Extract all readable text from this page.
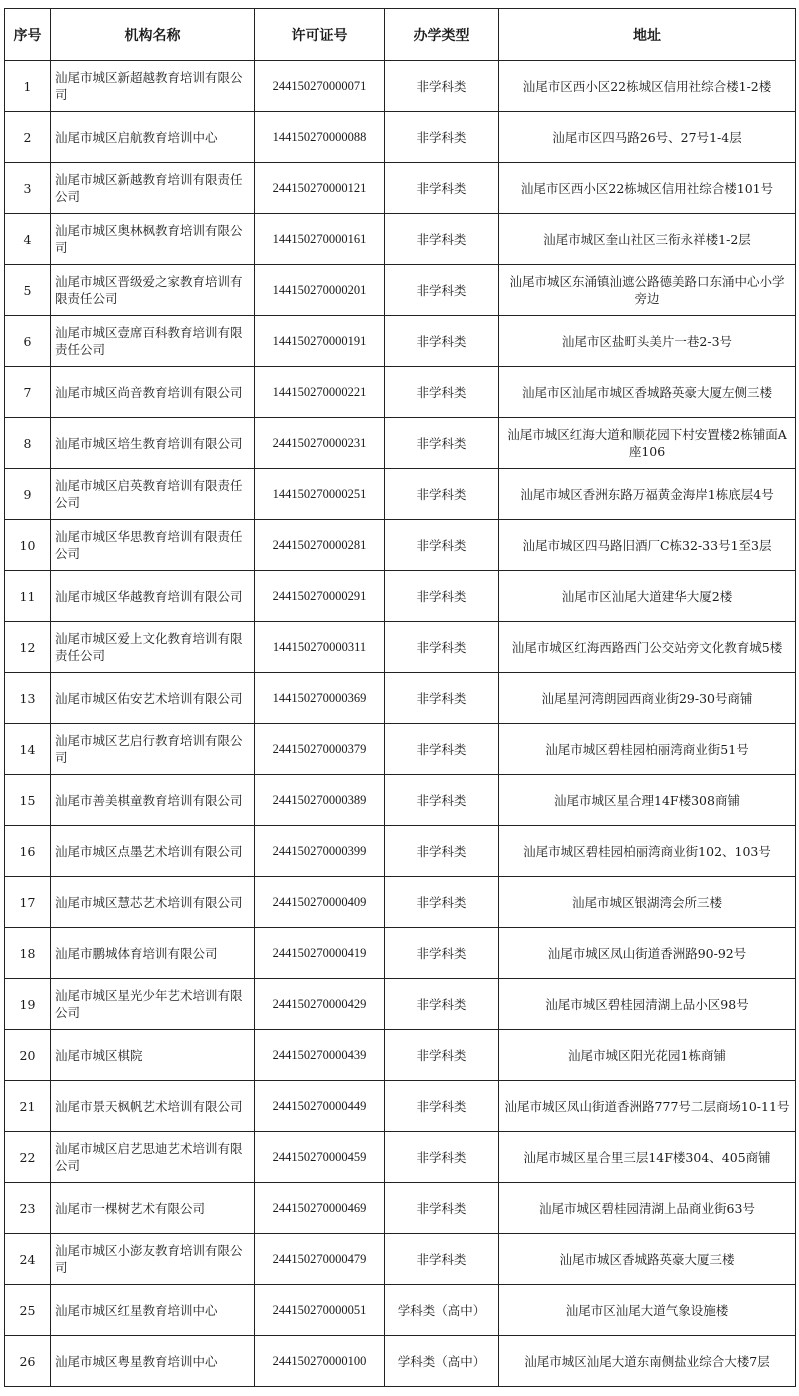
序号	机构名称	许可证号	办学类型	地址
1	汕尾市城区新超越教育培训有限公司	244150270000071	非学科类	汕尾市区西小区22栋城区信用社综合楼1-2楼
2	汕尾市城区启航教育培训中心	144150270000088	非学科类	汕尾市区四马路26号、27号1-4层
3	汕尾市城区新越教育培训有限责任公司	244150270000121	非学科类	汕尾市区西小区22栋城区信用社综合楼101号
4	汕尾市城区奥林枫教育培训有限公司	144150270000161	非学科类	汕尾市城区奎山社区三衔永祥楼1-2层
5	汕尾市城区晋级爱之家教育培训有限责任公司	144150270000201	非学科类	汕尾市城区东涌镇汕遮公路德美路口东涌中心小学旁边
6	汕尾市城区壹席百科教育培训有限责任公司	144150270000191	非学科类	汕尾市区盐町头美片一巷2-3号
7	汕尾市城区尚音教育培训有限公司	144150270000221	非学科类	汕尾市区汕尾市城区香城路英豪大厦左侧三楼
8	汕尾市城区培生教育培训有限公司	244150270000231	非学科类	汕尾市城区红海大道和顺花园下村安置楼2栋铺面A座106
9	汕尾市城区启英教育培训有限责任公司	144150270000251	非学科类	汕尾市城区香洲东路万福黄金海岸1栋底层4号
10	汕尾市城区华思教育培训有限责任公司	244150270000281	非学科类	汕尾市城区四马路旧酒厂C栋32-33号1至3层
11	汕尾市城区华越教育培训有限公司	244150270000291	非学科类	汕尾市区汕尾大道建华大厦2楼
12	汕尾市城区爱上文化教育培训有限责任公司	144150270000311	非学科类	汕尾市城区红海西路西门公交站旁文化教育城5楼
13	汕尾市城区佑安艺术培训有限公司	144150270000369	非学科类	汕尾星河湾朗园西商业街29-30号商铺
14	汕尾市城区艺启行教育培训有限公司	244150270000379	非学科类	汕尾市城区碧桂园柏丽湾商业街51号
15	汕尾市善美棋童教育培训有限公司	244150270000389	非学科类	汕尾市城区星合理14F楼308商铺
16	汕尾市城区点墨艺术培训有限公司	244150270000399	非学科类	汕尾市城区碧桂园柏丽湾商业街102、103号
17	汕尾市城区慧芯艺术培训有限公司	244150270000409	非学科类	汕尾市城区银湖湾会所三楼
18	汕尾市鹏城体育培训有限公司	244150270000419	非学科类	汕尾市城区凤山街道香洲路90-92号
19	汕尾市城区星光少年艺术培训有限公司	244150270000429	非学科类	汕尾市城区碧桂园清湖上品小区98号
20	汕尾市城区棋院	244150270000439	非学科类	汕尾市城区阳光花园1栋商铺
21	汕尾市景天枫帆艺术培训有限公司	244150270000449	非学科类	汕尾市城区凤山街道香洲路777号二层商场10-11号
22	汕尾市城区启艺思迪艺术培训有限公司	244150270000459	非学科类	汕尾市城区星合里三层14F楼304、405商铺
23	汕尾市一棵树艺术有限公司	244150270000469	非学科类	汕尾市城区碧桂园清湖上品商业街63号
24	汕尾市城区小澎友教育培训有限公司	244150270000479	非学科类	汕尾市城区香城路英豪大厦三楼
25	汕尾市城区红星教育培训中心	244150270000051	学科类（高中）	汕尾市区汕尾大道气象设施楼
26	汕尾市城区粤星教育培训中心	244150270000100	学科类（高中）	汕尾市城区汕尾大道东南侧盐业综合大楼7层
